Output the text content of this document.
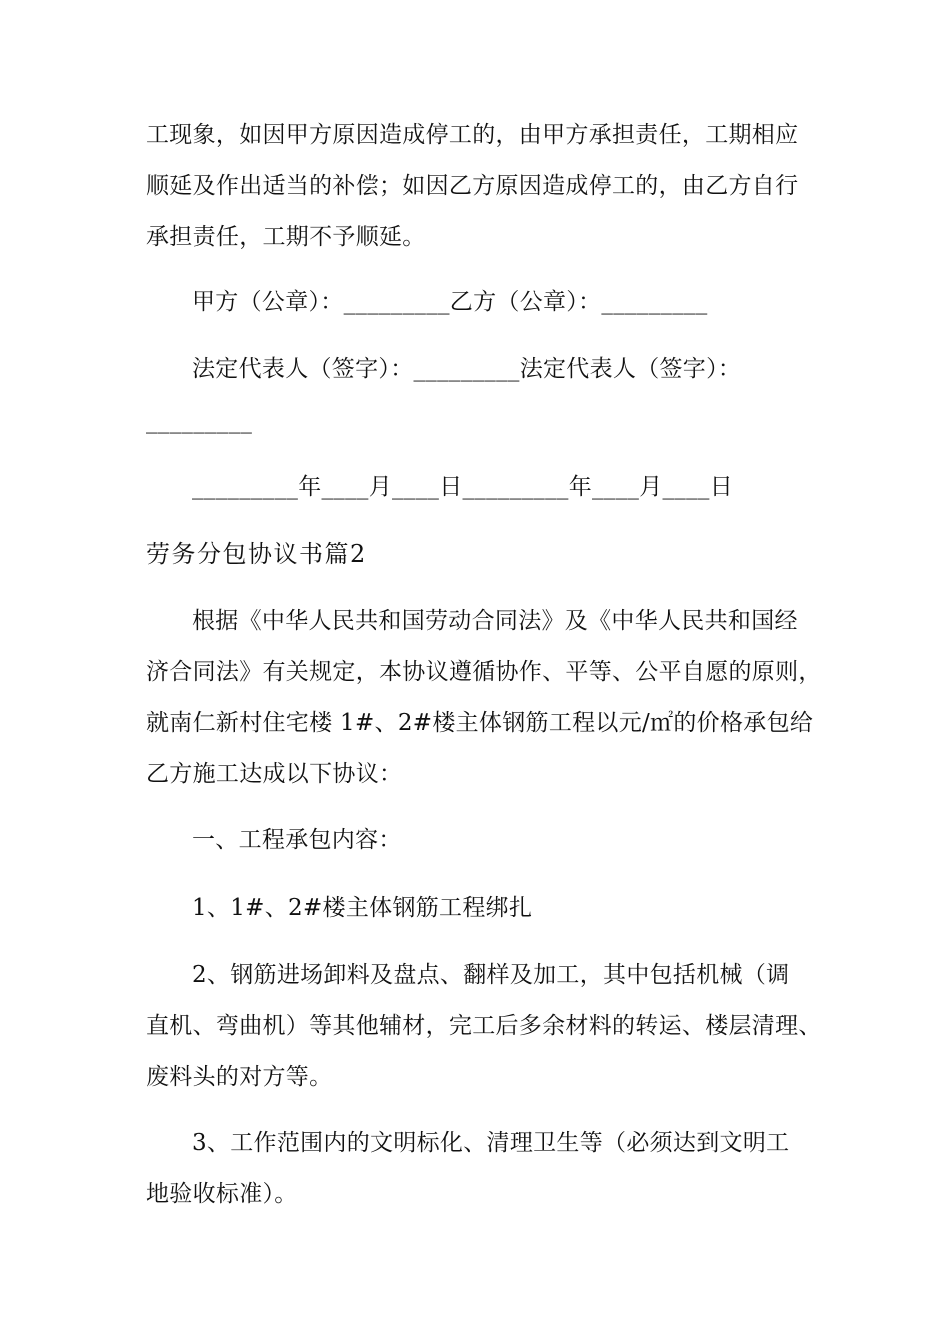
工现象，如因甲方原因造成停工的，由甲方承担责任，工期相应
顺延及作出适当的补偿；如因乙方原因造成停工的，由乙方自行
承担责任，工期不予顺延。
甲方（公章）：_________乙方（公章）：_________
法定代表人（签字）：_________法定代表人（签字）：
_________
_________年____月____日_________年____月____日
劳务分包协议书篇2
根据《中华人民共和国劳动合同法》及《中华人民共和国经
济合同法》有关规定，本协议遵循协作、平等、公平自愿的原则，
就南仁新村住宅楼 1#、2#楼主体钢筋工程以元/㎡的价格承包给
乙方施工达成以下协议：
一、工程承包内容：
1、1#、2#楼主体钢筋工程绑扎
2、钢筋进场卸料及盘点、翻样及加工，其中包括机械（调
直机、弯曲机）等其他辅材，完工后多余材料的转运、楼层清理、
废料头的对方等。
3、工作范围内的文明标化、清理卫生等（必须达到文明工
地验收标准）。
